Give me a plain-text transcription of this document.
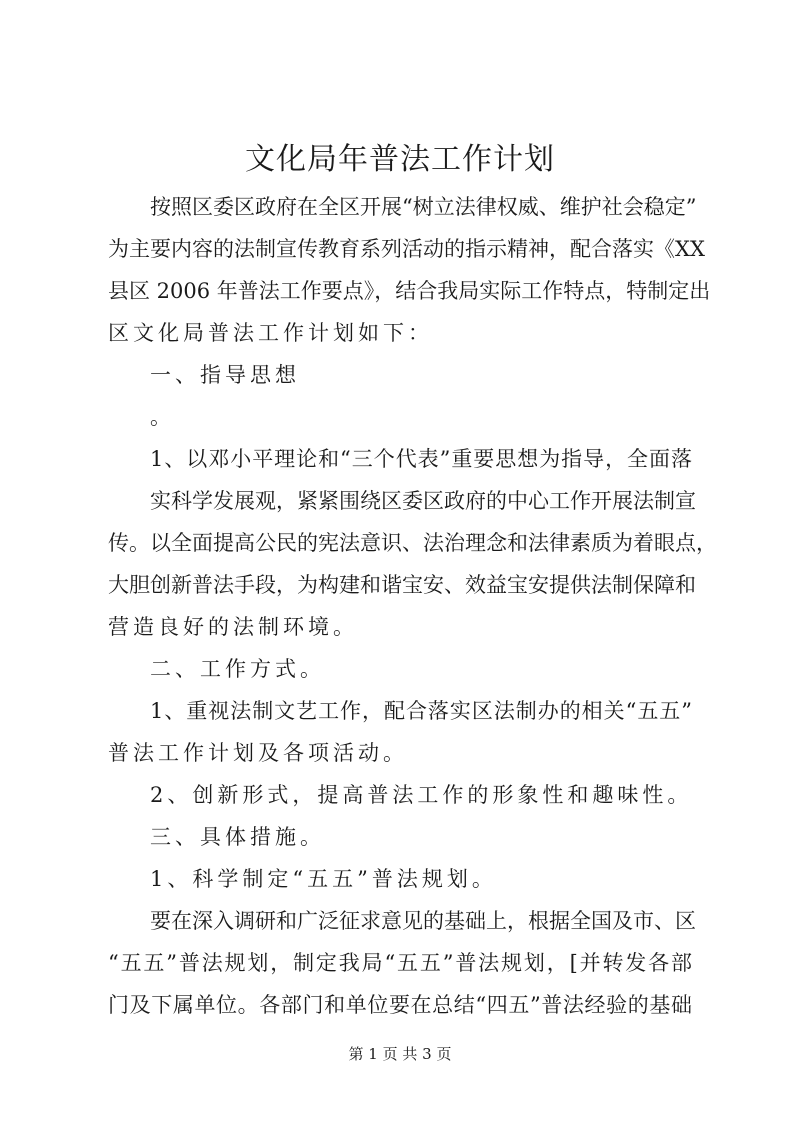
文化局年普法工作计划
按照区委区政府在全区开展“树立法律权威、维护社会稳定”
为主要内容的法制宣传教育系列活动的指示精神，配合落实《XX
县区 2006 年普法工作要点》，结合我局实际工作特点，特制定出
区文化局普法工作计划如下：
一、指导思想
。
1、以邓小平理论和“三个代表”重要思想为指导，全面落
实科学发展观，紧紧围绕区委区政府的中心工作开展法制宣
传。以全面提高公民的宪法意识、法治理念和法律素质为着眼点，
大胆创新普法手段，为构建和谐宝安、效益宝安提供法制保障和
营造良好的法制环境。
二、工作方式。
1、重视法制文艺工作，配合落实区法制办的相关“五五”
普法工作计划及各项活动。
2、创新形式，提高普法工作的形象性和趣味性。
三、具体措施。
1、科学制定“五五”普法规划。
要在深入调研和广泛征求意见的基础上，根据全国及市、区
“五五”普法规划，制定我局“五五”普法规划，[并转发各部
门及下属单位。各部门和单位要在总结“四五”普法经验的基础
第 1 页 共 3 页
